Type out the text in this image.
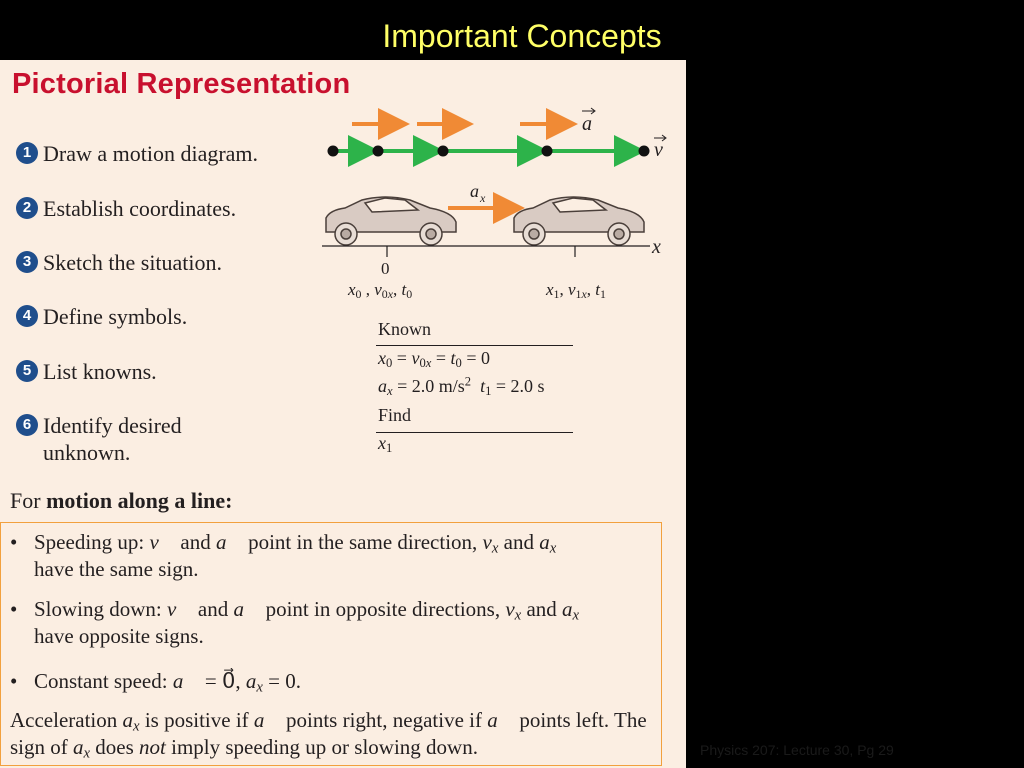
Important Concepts
Pictorial Representation
1 Draw a motion diagram.
2 Establish coordinates.
3 Sketch the situation.
4 Define symbols.
5 List knowns.
6 Identify desired unknown.
a
v
a x
x
0
$x_0$ , $v_{0x}$, $t_0$	$x_1$, $v_{1x}$, $t_1$
Known
$x_0 = v_{0x} = t_0 = 0$
$a_x = 2.0$ $m/s^2$ $t_1 = 2.0$ s
Find
$x_1$
For motion along a line:
• Speeding up: v⃗ and a⃗ point in the same direction, $v_x$ and $a_x$
have the same sign.
• Slowing down: v⃗ and a⃗ point in opposite directions, $v_x$ and $a_x$
have opposite signs.
• Constant speed: a⃗ = 0⃗, $a_x = 0$.
Acceleration $a_x$ is positive if a⃗ points right, negative if a⃗ points left. The sign of $a_x$ does not imply speeding up or slowing down.	Physics 207: Lecture 30, Pg 29
